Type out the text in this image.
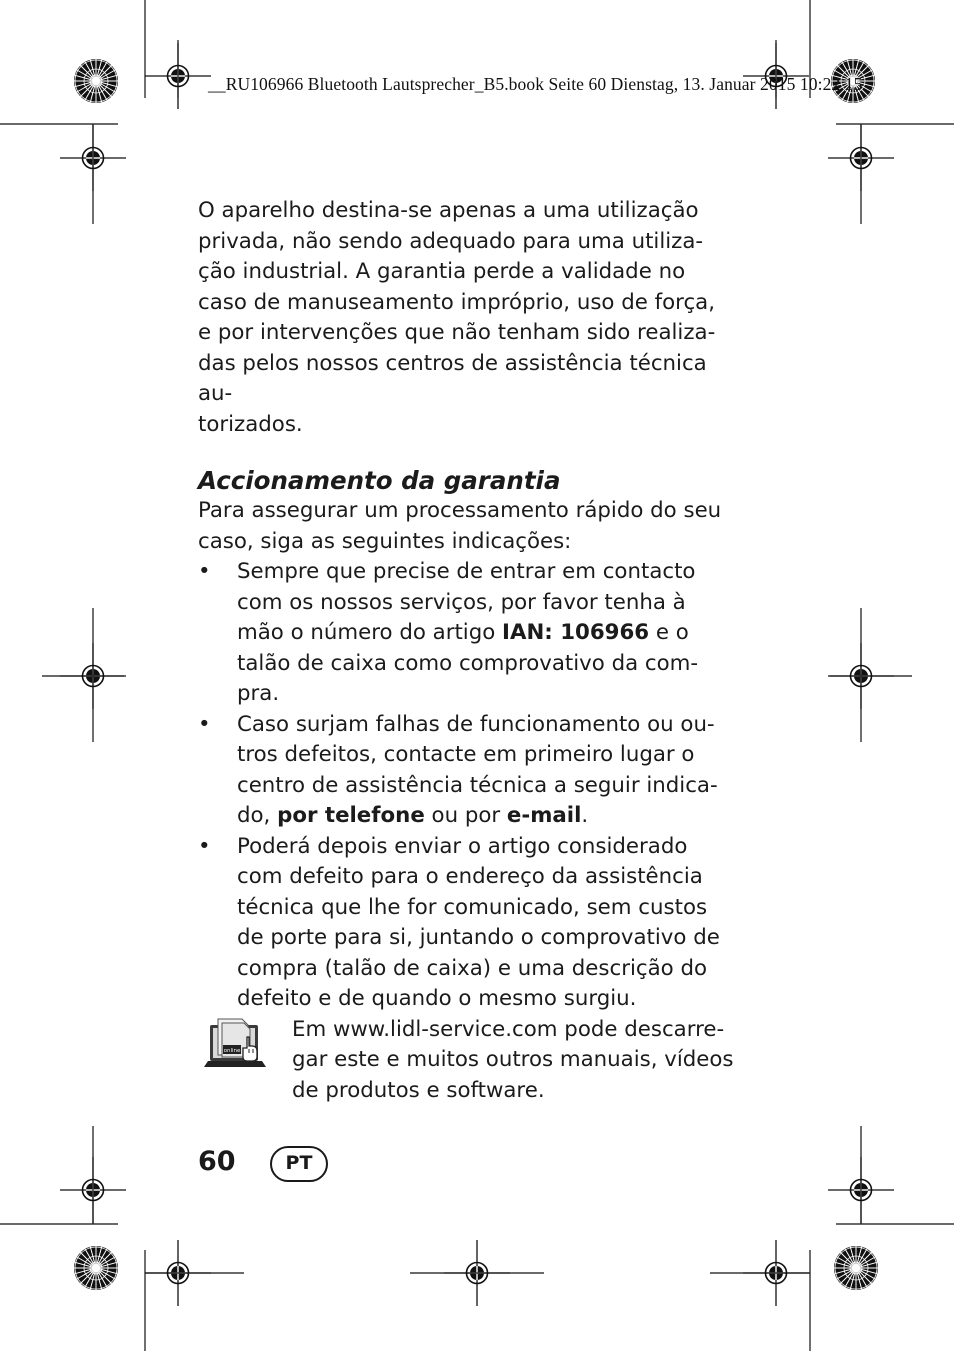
__RU106966 Bluetooth Lautsprecher_B5.book Seite 60 Dienstag, 13. Januar 2015 10:22 15

O aparelho destina-se apenas a uma utilização
privada, não sendo adequado para uma utiliza-
ção industrial. A garantia perde a validade no
caso de manuseamento impróprio, uso de força,
e por intervenções que não tenham sido realiza-
das pelos nossos centros de assistência técnica au-
torizados.

Accionamento da garantia

Para assegurar um processamento rápido do seu
caso, siga as seguintes indicações:

• Sempre que precise de entrar em contacto
com os nossos serviços, por favor tenha à
mão o número do artigo IAN: 106966 e o
talão de caixa como comprovativo da com-
pra.
• Caso surjam falhas de funcionamento ou ou-
tros defeitos, contacte em primeiro lugar o
centro de assistência técnica a seguir indica-
do, por telefone ou por e-mail.
• Poderá depois enviar o artigo considerado
com defeito para o endereço da assistência
técnica que lhe for comunicado, sem custos
de porte para si, juntando o comprovativo de
compra (talão de caixa) e uma descrição do
defeito e de quando o mesmo surgiu.
online
Em www.lidl-service.com pode descarre-
gar este e muitos outros manuais, vídeos
de produtos e software.
60	PT
